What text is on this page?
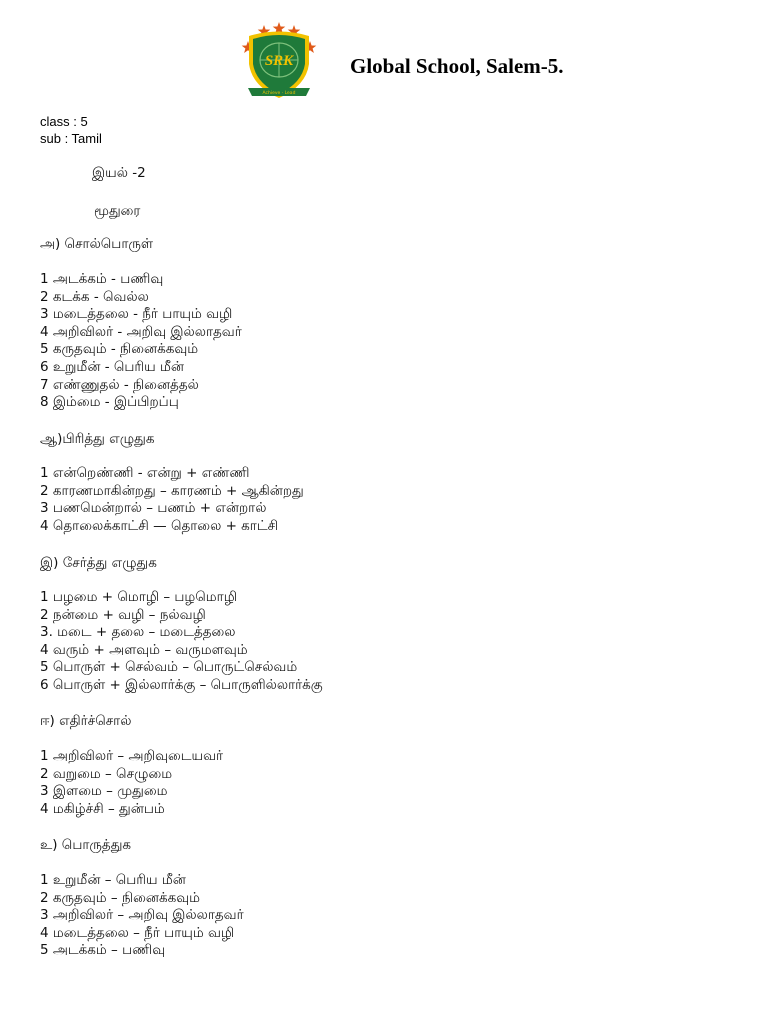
SRK
Achieve · Lead
Global School, Salem-5.
class : 5
sub : Tamil
இயல் -2
மூதுரை
அ) சொல்பொருள்
1 அடக்கம் - பணிவு
2 கடக்க - வெல்ல
3 மடைத்தலை - நீர் பாயும் வழி
4 அறிவிலர் - அறிவு இல்லாதவர்
5 கருதவும் - நினைக்கவும்
6 உறுமீன் - பெரிய மீன்
7 எண்ணுதல் - நினைத்தல்
8 இம்மை - இப்பிறப்பு
ஆ)பிரித்து எழுதுக
1 என்றெண்ணி - என்று + எண்ணி
2 காரணமாகின்றது – காரணம் + ஆகின்றது
3 பணமென்றால் – பணம் + என்றால்
4 தொலைக்காட்சி — தொலை + காட்சி
இ) சேர்த்து எழுதுக
1 பழமை + மொழி – பழமொழி
2 நன்மை + வழி – நல்வழி
3. மடை + தலை – மடைத்தலை
4 வரும் + அளவும் – வருமளவும்
5 பொருள் + செல்வம் – பொருட்செல்வம்
6 பொருள் + இல்லார்க்கு – பொருளில்லார்க்கு
ஈ) எதிர்ச்சொல்
1 அறிவிலர் – அறிவுடையவர்
2 வறுமை – செழுமை
3 இளமை – முதுமை
4 மகிழ்ச்சி – துன்பம்
உ) பொருத்துக
1 உறுமீன் – பெரிய மீன்
2 கருதவும் – நினைக்கவும்
3 அறிவிலர் – அறிவு இல்லாதவர்
4 மடைத்தலை – நீர் பாயும் வழி
5 அடக்கம் – பணிவு
